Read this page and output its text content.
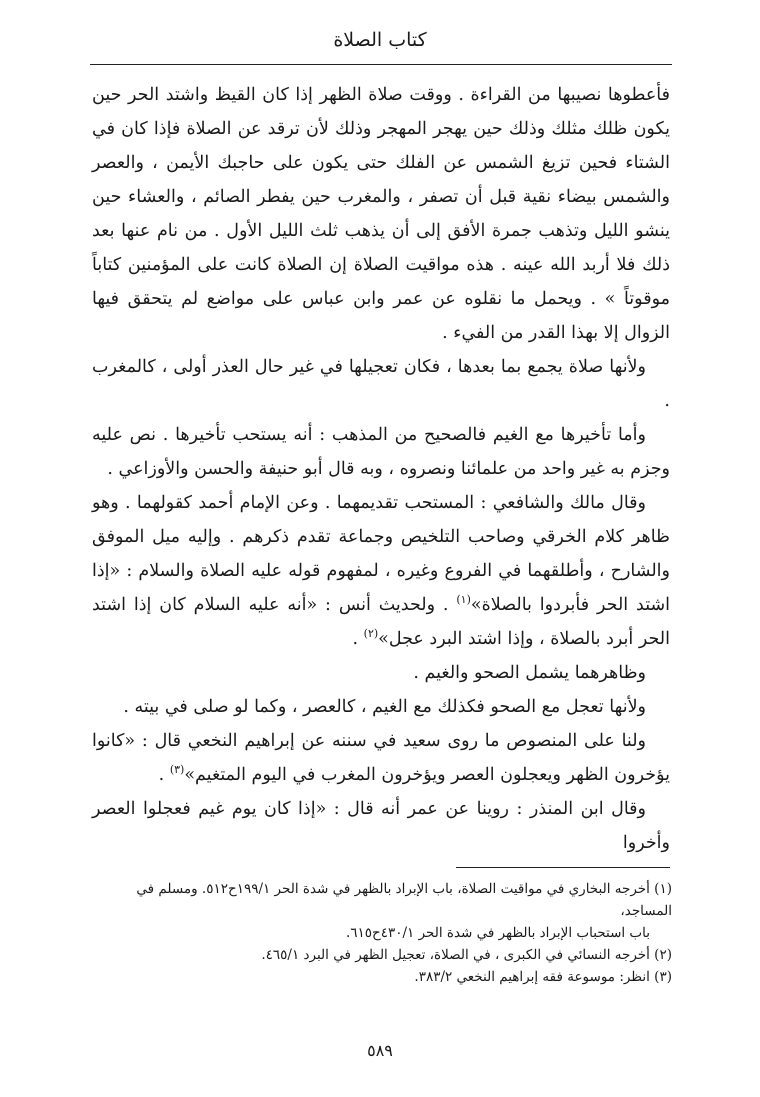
كتاب الصلاة

فأعطوها نصيبها من القراءة . ووقت صلاة الظهر إذا كان القيظ واشتد الحر حين يكون ظلك مثلك وذلك حين يهجر المهجر وذلك لأن ترقد عن الصلاة فإذا كان في الشتاء فحين تزيغ الشمس عن الفلك حتى يكون على حاجبك الأيمن ، والعصر والشمس بيضاء نقية قبل أن تصفر ، والمغرب حين يفطر الصائم ، والعشاء حين ينشو الليل وتذهب جمرة الأفق إلى أن يذهب ثلث الليل الأول . من نام عنها بعد ذلك فلا أربد الله عينه . هذه مواقيت الصلاة إن الصلاة كانت على المؤمنين كتاباً موقوتاً » . ويحمل ما نقلوه عن عمر وابن عباس على مواضع لم يتحقق فيها الزوال إلا بهذا القدر من الفيء .

ولأنها صلاة يجمع بما بعدها ، فكان تعجيلها في غير حال العذر أولى ، كالمغرب .

وأما تأخيرها مع الغيم فالصحيح من المذهب : أنه يستحب تأخيرها . نص عليه وجزم به غير واحد من علمائنا ونصروه ، وبه قال أبو حنيفة والحسن والأوزاعي .

وقال مالك والشافعي : المستحب تقديمهما . وعن الإمام أحمد كقولهما . وهو ظاهر كلام الخرقي وصاحب التلخيص وجماعة تقدم ذكرهم . وإليه ميل الموفق والشارح ، وأطلقهما في الفروع وغيره ، لمفهوم قوله عليه الصلاة والسلام : «إذا اشتد الحر فأبردوا بالصلاة»$^{(١)}$ . ولحديث أنس : «أنه عليه السلام كان إذا اشتد الحر أبرد بالصلاة ، وإذا اشتد البرد عجل»$^{(٢)}$ .

وظاهرهما يشمل الصحو والغيم .

ولأنها تعجل مع الصحو فكذلك مع الغيم ، كالعصر ، وكما لو صلى في بيته .

ولنا على المنصوص ما روى سعيد في سننه عن إبراهيم النخعي قال : «كانوا يؤخرون الظهر ويعجلون العصر ويؤخرون المغرب في اليوم المتغيم»$^{(٣)}$ .

وقال ابن المنذر : روينا عن عمر أنه قال : «إذا كان يوم غيم فعجلوا العصر وأخروا

(١) أخرجه البخاري في مواقيت الصلاة، باب الإبراد بالظهر في شدة الحر ١٩٩/١ح٥١٢. ومسلم في المساجد،
باب استحباب الإبراد بالظهر في شدة الحر ٤٣٠/١ح٦١٥.

(٢) أخرجه النسائي في الكبرى ، في الصلاة، تعجيل الظهر في البرد ٤٦٥/١.

(٣) انظر: موسوعة فقه إبراهيم النخعي ٣٨٣/٢.

٥٨٩
